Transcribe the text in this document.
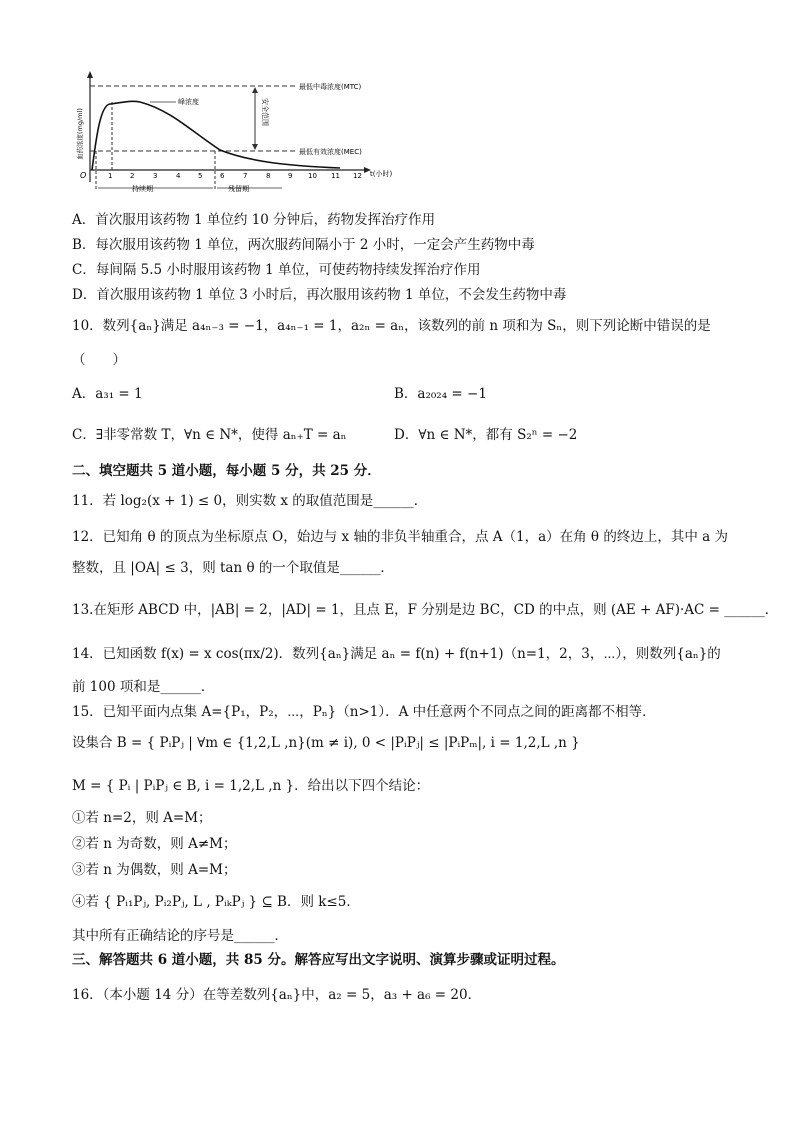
血药浓度(mg/ml)
t(小时)
O	1	2	3	4	5	6	7	8	9 10 11 12
最低中毒浓度(MTC)
最低有效浓度(MEC)
安全范围
峰浓度
持续期	残留期
A．首次服用该药物 1 单位约 10 分钟后，药物发挥治疗作用
B．每次服用该药物 1 单位，两次服药间隔小于 2 小时，一定会产生药物中毒
C．每间隔 5.5 小时服用该药物 1 单位，可使药物持续发挥治疗作用
D．首次服用该药物 1 单位 3 小时后，再次服用该药物 1 单位，不会发生药物中毒
10．数列{aₙ}满足 a₄ₙ₋₃ = −1，a₄ₙ₋₁ = 1，a₂ₙ = aₙ，该数列的前 n 项和为 Sₙ，则下列论断中错误的是
（　　）
A．a₃₁ = 1	B．a₂₀₂₄ = −1
C．∃非零常数 T，∀n ∈ N*，使得 aₙ₊T = aₙ	D．∀n ∈ N*，都有 S₂ⁿ = −2
二、填空题共 5 道小题，每小题 5 分，共 25 分．
11．若 log₂(x + 1) ≤ 0，则实数 x 的取值范围是______．
12．已知角 θ 的顶点为坐标原点 O，始边与 x 轴的非负半轴重合，点 A（1，a）在角 θ 的终边上，其中 a 为
整数，且 |OA| ≤ 3，则 tan θ 的一个取值是______．
13.在矩形 ABCD 中，|AB| = 2，|AD| = 1，且点 E，F 分别是边 BC，CD 的中点，则 (AE + AF)·AC = ______．
14．已知函数 f(x) = x cos(πx/2)．数列{aₙ}满足 aₙ = f(n) + f(n+1)（n=1，2，3，⋯），则数列{aₙ}的
前 100 项和是______．
15．已知平面内点集 A={P₁，P₂，⋯，Pₙ}（n>1）．A 中任意两个不同点之间的距离都不相等．
设集合 B = { PᵢPⱼ | ∀m ∈ {1,2,L ,n}(m ≠ i), 0 < |PᵢPⱼ| ≤ |PᵢPₘ|, i = 1,2,L ,n }
M = { Pᵢ | PᵢPⱼ ∈ B, i = 1,2,L ,n }．给出以下四个结论：
①若 n=2，则 A=M；
②若 n 为奇数，则 A≠M；
③若 n 为偶数，则 A=M；
④若 { Pᵢ₁Pⱼ, Pᵢ₂Pⱼ, L , PᵢₖPⱼ } ⊆ B．则 k≤5．
其中所有正确结论的序号是______．
三、解答题共 6 道小题，共 85 分。解答应写出文字说明、演算步骤或证明过程。
16．（本小题 14 分）在等差数列{aₙ}中，a₂ = 5，a₃ + a₆ = 20．
